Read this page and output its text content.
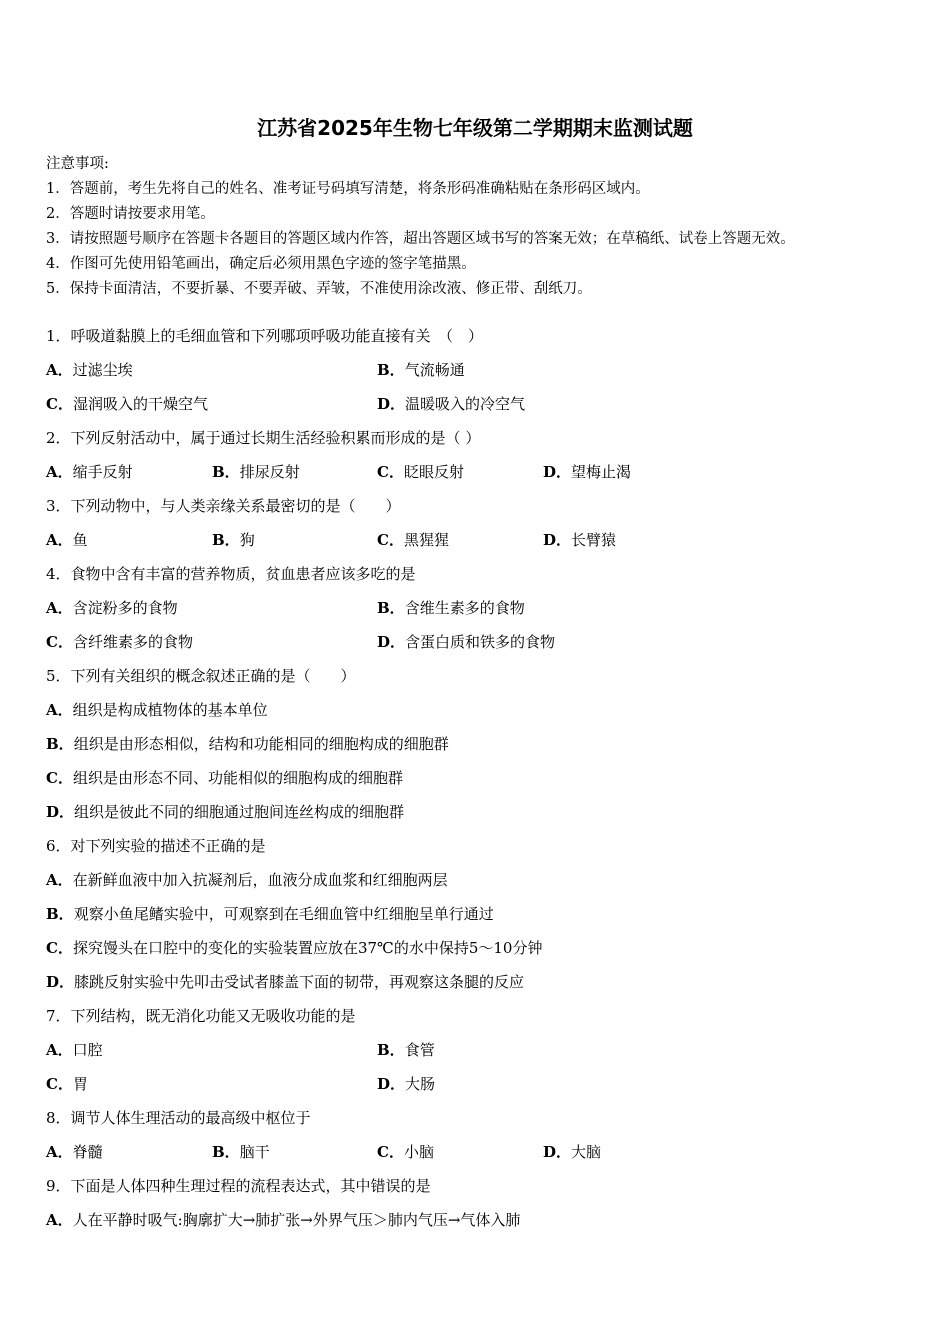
江苏省2025年生物七年级第二学期期末监测试题
注意事项:
1．答题前，考生先将自己的姓名、准考证号码填写清楚，将条形码准确粘贴在条形码区域内。
2．答题时请按要求用笔。
3．请按照题号顺序在答题卡各题目的答题区域内作答，超出答题区域书写的答案无效；在草稿纸、试卷上答题无效。
4．作图可先使用铅笔画出，确定后必须用黑色字迹的签字笔描黑。
5．保持卡面清洁，不要折暴、不要弄破、弄皱，不准使用涂改液、修正带、刮纸刀。
1．呼吸道黏膜上的毛细血管和下列哪项呼吸功能直接有关　（　）
A．过滤尘埃	B．气流畅通
C．湿润吸入的干燥空气	D．温暖吸入的冷空气
2．下列反射活动中，属于通过长期生活经验积累而形成的是（ ）
A．缩手反射	B．排尿反射	C．眨眼反射	D．望梅止渴
3．下列动物中，与人类亲缘关系最密切的是（　　）
A．鱼	B．狗	C．黑猩猩	D．长臂猿
4．食物中含有丰富的营养物质，贫血患者应该多吃的是
A．含淀粉多的食物	B．含维生素多的食物
C．含纤维素多的食物	D．含蛋白质和铁多的食物
5．下列有关组织的概念叙述正确的是（　　）
A．组织是构成植物体的基本单位
B．组织是由形态相似，结构和功能相同的细胞构成的细胞群
C．组织是由形态不同、功能相似的细胞构成的细胞群
D．组织是彼此不同的细胞通过胞间连丝构成的细胞群
6．对下列实验的描述不正确的是
A．在新鲜血液中加入抗凝剂后，血液分成血浆和红细胞两层
B．观察小鱼尾鳍实验中，可观察到在毛细血管中红细胞呈单行通过
C．探究馒头在口腔中的变化的实验装置应放在37℃的水中保持5～10分钟
D．膝跳反射实验中先叩击受试者膝盖下面的韧带，再观察这条腿的反应
7．下列结构，既无消化功能又无吸收功能的是
A．口腔	B．食管
C．胃	D．大肠
8．调节人体生理活动的最高级中枢位于
A．脊髓	B．脑干	C．小脑	D．大脑
9．下面是人体四种生理过程的流程表达式，其中错误的是
A．人在平静时吸气:胸廓扩大→肺扩张→外界气压＞肺内气压→气体入肺
